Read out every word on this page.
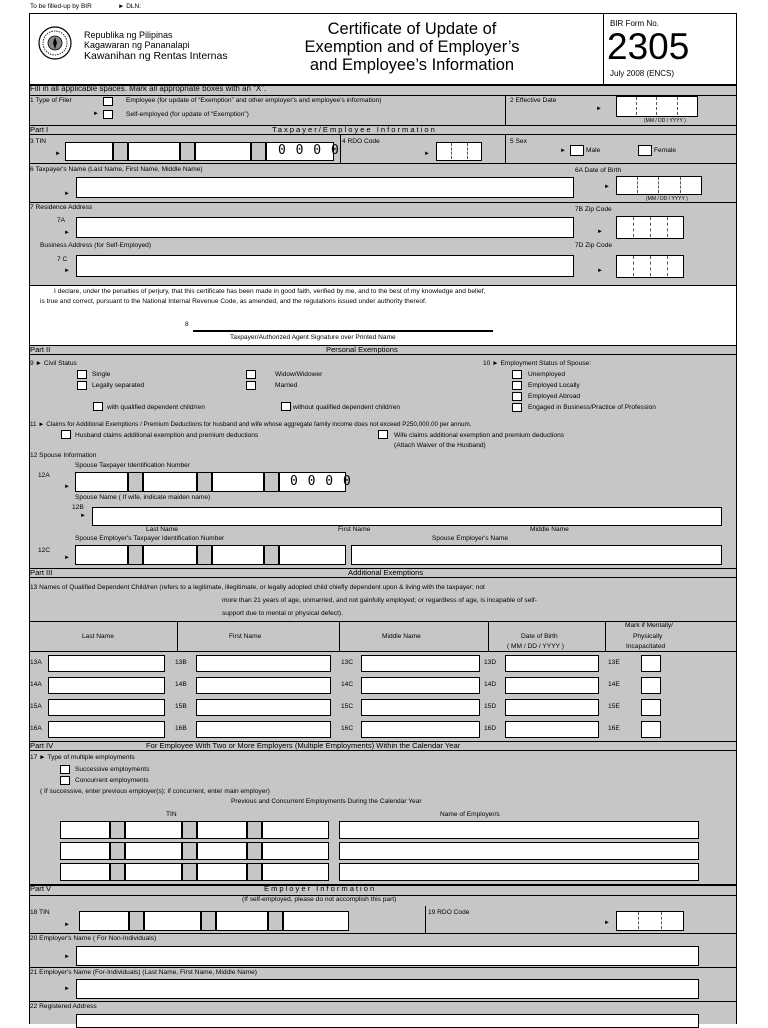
To be filled-up by BIR	► DLN:
Republika ng Pilipinas
Kagawaran ng Pananalapi
Kawanihan ng Rentas Internas
Certificate of Update of
Exemption and of Employer’s
and Employee’s Information
BIR Form No.
2305
July 2008 (ENCS)
Fill in all applicable spaces. Mark all appropriate boxes with an “X”.
1 Type of Filer	Employee (for update of “Exemption” and other employer's and employee's information)
►	Self-employed (for update of “Exemption”)
2 Effective Date
►
(MM / DD / YYYY )
Part I	Taxpayer/Employee Information
3 TIN
►	0 0 0 0
4 RDO Code
►
5 Sex
►	Male	Female
6 Taxpayer's Name (Last Name, First Name, Middle Name)
►
6A Date of Birth
►
(MM / DD / YYYY )
7 Residence Address
7A
►
7B Zip Code
►
Business Address (for Self-Employed)
7 C
►
7D Zip Code
►
I declare, under the penalties of perjury, that this certificate has been made in good faith, verified by me, and to the best of my knowledge and belief,
is true and correct, pursuant to the National Internal Revenue Code, as amended, and the regulations issued under authority thereof.
8
Taxpayer/Authorized Agent Signature over Printed Name
Part II	Personal Exemptions
9 ► Civil Status
Single
Legally separated
Widow/Widower
Married
with qualified dependent child/ren	without qualified dependent child/ren
10 ► Employment Status of Spouse:
Unemployed
Employed Locally
Employed Abroad
Engaged in Business/Practice of Profession
11 ► Claims for Additional Exemptions / Premium Deductions for husband and wife whose aggregate family income does not exceed P250,000.00 per annum.
Husband claims additional exemption and premium deductions	Wife claims additional exemption and premium deductions
(Attach Waiver of the Husband)
12 Spouse Information
Spouse Taxpayer Identification Number
12A
►	0 0 0 0
Spouse Name ( If wife, indicate maiden name)
12B
►
Last Name	First Name	Middle Name
Spouse Employer's Taxpayer Identification Number	Spouse Employer's Name
12C
►
Part III	Additional Exemptions
13 Names of Qualified Dependent Child/ren (refers to a legitimate, illegitimate, or legally adopted child chiefly dependent upon & living with the taxpayer; not
more than 21 years of age, unmarried, and not gainfully employed; or regardless of age, is incapable of self-
support due to mental or physical defect).
Last Name	First Name	Middle Name	Date of Birth
( MM / DD / YYYY )
Mark if Mentally/
Physically
Incapacitated
13A	13B	13C	13D	13E
14A	14B	14C	14D	14E
15A	15B	15C	15D	15E
16A	16B	16C	16D	16E
Part IV	For Employee With Two or More Employers (Multiple Employments) Within the Calendar Year
17 ► Type of multiple employments
Successive employments
Concurrent employments
( If successive, enter previous employer(s); if concurrent, enter main employer)
Previous and Concurrent Employments During the Calendar Year
TIN	Name of Employer/s
Part V	Employer Information
(If self-employed, please do not accomplish this part)
18 TIN
►
19 RDO Code
►
20 Employer's Name ( For Non-Individuals)
►
21 Employer's Name (For-Individuals) (Last Name, First Name, Middle Name)
►
22 Registered Address
